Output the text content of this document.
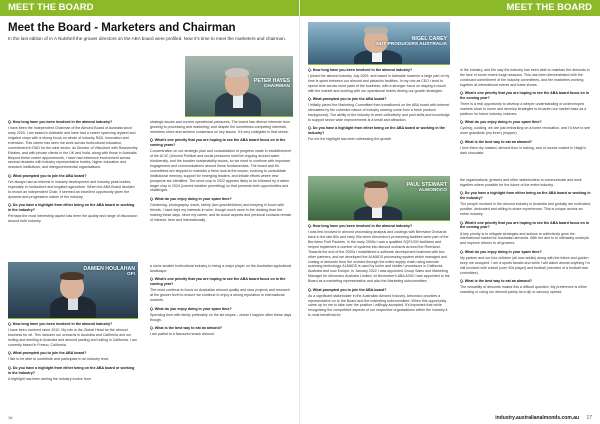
MEET THE BOARD
Meet the Board - Marketers and Chairman

In the last edition of In A Nutshell the grower directors on the ABA board were profiled. Now it's time to meet the marketers and chairman.

PETER HAYES
CHAIRMAN

Q. How long have you been involved in the almond industry?

I have been the Independent Chairman of the Almond Board of Australia since early 2020. I am based in Adelaide and have had a career spanning dryland and irrigated crops with a strong focus on whole of industry R&D, innovation and extension. This career has seen me work across horticultural education, commitment in R&D for the wine sector, as Director of Viticulture with Roseworthy Estates, and with private clients in the UK and India, along with those in Australia. Beyond these career appointments, I have had extensive involvement across several decades with industry representative bodies, higher education and research institutions, and intergovernmental organisations.

Q. What prompted you to join the ABA board?

I've always had an interest in industry development and industry peak bodies, especially in horticulture and irrigated agriculture. When the ABA Board decided to recruit an independent Chair, it seemed an excellent opportunity given the dynamic and progressive nature of the industry.

Q. Do you have a highlight from either being on the ABA board or working in the industry?

Perhaps the most interesting aspect has been the quality and range of discussion around both industry

strategic issues and current operational pressures. The board has diverse interests from growing to processing and marketing; and despite the sometimes competing interests, members strive and achieve consensus on key issues. It's very collegiate in that sense.

Q. What's one priority that you are hoping to see the ABA board focus on in the coming years?

Concentration on our strategic plan and consolidation of progress made in establishment of the ACIC (Almond Political and social pressures shall be ongoing around water, biodiversity, and the broader sustainability issues, so we need to continue with important engagement and communications around these fundamentals. The board and it's committees are stepped to maintain a fresh look at the issues, evolving to consolidate institutional memory, support for emerging leaders, and initiate efforts where new prospects are identified. The short crop in 2022 appears likely to be followed by a rather larger crop in 2024 (current weather permitting) so that presents both opportunities and challenges.

Q. What do you enjoy doing in your spare time?

Gardening, photography, travel, family (two grandchildren) and keeping in touch with friends. I have kept my interests in wine, though much more in the drinking than the making these days, since my career, and its social aspects and personal contacts remain of interest, here and internationally.

DAMIEN HOULAHAN
OFI

Q. How long have you been involved in the almond industry?

I have been involved since 2010. My role is the Global Head for the almond business for ofi. This includes our orchards in Australia and California and our hulling and shelling in Australia and almond pasting and hulling in California. I am currently based in Fresno, California.

Q. What prompted you to join the ABA board?

I like to be able to contribute and participate in an industry level.

Q. Do you have a highlight from either being on the ABA board or working in the industry?

A highlight has been seeing the industry evolve from

a niche smaller horticultural industry to being a major player on the Australian agricultural landscape.

Q. What's one priority that you are hoping to see the ABA board focus on in the coming year?

The most continue to focus on Australian almond quality and slow projects and research at the grower level to ensure we continue to enjoy a strong reputation in international markets.

Q. What do you enjoy doing in your spare time?

Spending time with family preferably on the ski slopes – doesn't happen often these days though.

Q. What is the best way to eat an almond?

I am partial to a flavoured snack almond.

16
MEET THE BOARD
NIGEL CAREY
NUT PRODUCERS AUSTRALIA

Q. How long have you been involved in the almond industry?

I joined the almond industry July 2009, and based in Adelaide however a large part of my time is spent between our almond and pistachio facilities. In my role as CEO I tend to spend time across most parts of the business, with a stronger focus on staying in touch with the market and working with our operational teams driving our growth strategies.

Q. What prompted you to join the ABA board?

I initially joined the Marketing Committee then transitioned on the ABA board with interest stimulated by the cohesive nature of industry sharing come from a fresh produce background). The ability of the industry to work collectively and pool skills and knowledge to support sector wide improvements is a small and attraction.

Q. Do you have a highlight from either being on the ABA board or working in the industry?

For me the highlight has been witnessing the growth

in the industry, and the way the industry has been able to maintain the almonds in the face of some recent tough seasons. This has been demonstrated with the continued commitment of the industry committees, and the marketers working together at international events and trade shows.

Q. What's one priority that you are hoping to see the ABA board focus on in the coming year?

There is a real opportunity to develop a deeper understanding of undeveloped markets close to home and develop strategies to broaden our market base as a platform for future industry volumes.

Q. What do you enjoy doing in your spare time?

Cycling, cooking, we are just embarking on a home renovation, and I'd love to see more grandkids (my inner) (hopper).

Q. What is the best way to eat an almond?

I love them dry roasted, almond flour in baking, and of course coated in Haigh's dark chocolate.

PAUL STEWART
ALMONDCO

Q. How long have you been involved in the almond industry?

I was first involved in almond processing analysis and costings with Berriview Orchards back in the late 80s and early 90s when Almondco's processing facilities were part of the Berriview Fruit Packers. In the early 2000s I was a qualified SQF1000 facilitator and helped implement a number of systems into almond orchards around the Riverland. Towards the end of the 2000s I established a software development business with two other partners, and we developed the ALMADS processing system which managed and costing of almonds from the orchard through the entire supply chain using barcode scanning technology. ALMADS is used by huller and sheller/ processors in California, Australia and now Europe. In January 2022 I was appointed Group Sales and Marketing Manager for Almondco Australia Limited. At November's ABA AGM I was appointed to the Board as a marketing representative and also the Marketing subcommittee.

Q. What prompted you to join the ABA board?

As a significant stakeholder in the Australian Almond Industry, Almondco provides a representative on to the Board and the marketing subcommittee. When this opportunity came up for me to take over the position I willingly accepted. It's important that while recognising the competitive aspects of our respective organisations within the industry it is most beneficial for

the organisations, growers and other stakeholders to communicate and work together where possible for the future of the entire industry.

Q. Do you have a highlight from either being on the ABA board or working in the industry?

The people involved in the almond industry in Australia and globally are motivated, positive, dedicated and willing to share experiences. This is unique across an entire industry.

Q. What's one priority that you are hoping to see the ABA board focus on in the coming year?

A key priority is to mitigate strategies and actions to collectively grow the international market for Australian almonds. With the aim to to ultimately underpin and improve returns to all growers.

Q. What do you enjoy doing in your spare time?

My partner and our four children (all now adults) along with the future and golden keep me occupied. I am a sports fanatic and while I will watch almost anything I'm still involved with cricket (over 50s player) and football (member of a football club committee).

Q. What is the best way to eat an almond?

The versatility of almonds makes this a difficult question. My preference is either snacking or using our almond pastry as a dip or savoury spread.

industry.australianalmonds.com.au 17
